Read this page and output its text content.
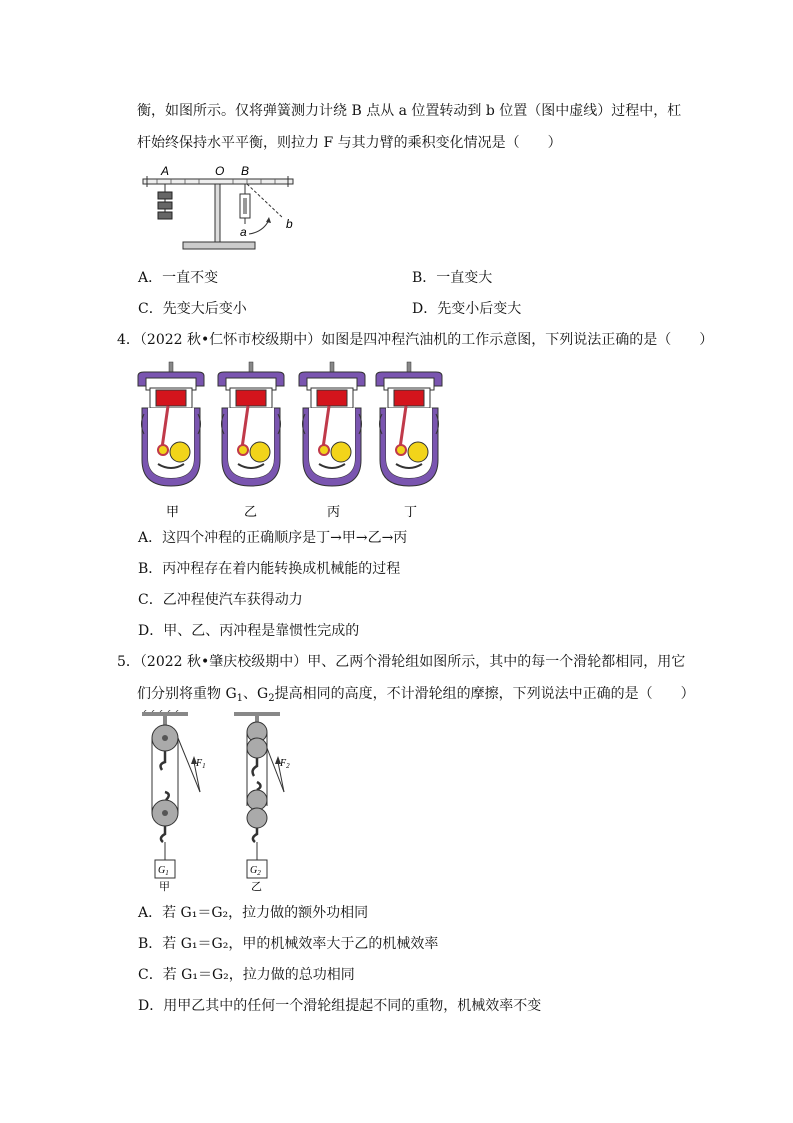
衡，如图所示。仅将弹簧测力计绕 B 点从 a 位置转动到 b 位置（图中虚线）过程中，杠
杆始终保持水平平衡，则拉力 F 与其力臂的乘积变化情况是（　　）
A	O B
a
b
A．一直不变	B．一直变大
C．先变大后变小	D．先变小后变大
4．（2022 秋•仁怀市校级期中）如图是四冲程汽油机的工作示意图，下列说法正确的是（　　）
甲	乙	丙	丁
A．这四个冲程的正确顺序是丁→甲→乙→丙
B．丙冲程存在着内能转换成机械能的过程
C．乙冲程使汽车获得动力
D．甲、乙、丙冲程是靠惯性完成的
5．（2022 秋•肇庆校级期中）甲、乙两个滑轮组如图所示，其中的每一个滑轮都相同，用它
们分别将重物 $G_1$、$G_2$提高相同的高度，不计滑轮组的摩擦，下列说法中正确的是（　　）
$F_1$
$G_1$
甲
$F_2$
$G_2$
乙
A．若 G₁＝G₂，拉力做的额外功相同
B．若 G₁＝G₂，甲的机械效率大于乙的机械效率
C．若 G₁＝G₂，拉力做的总功相同
D．用甲乙其中的任何一个滑轮组提起不同的重物，机械效率不变
